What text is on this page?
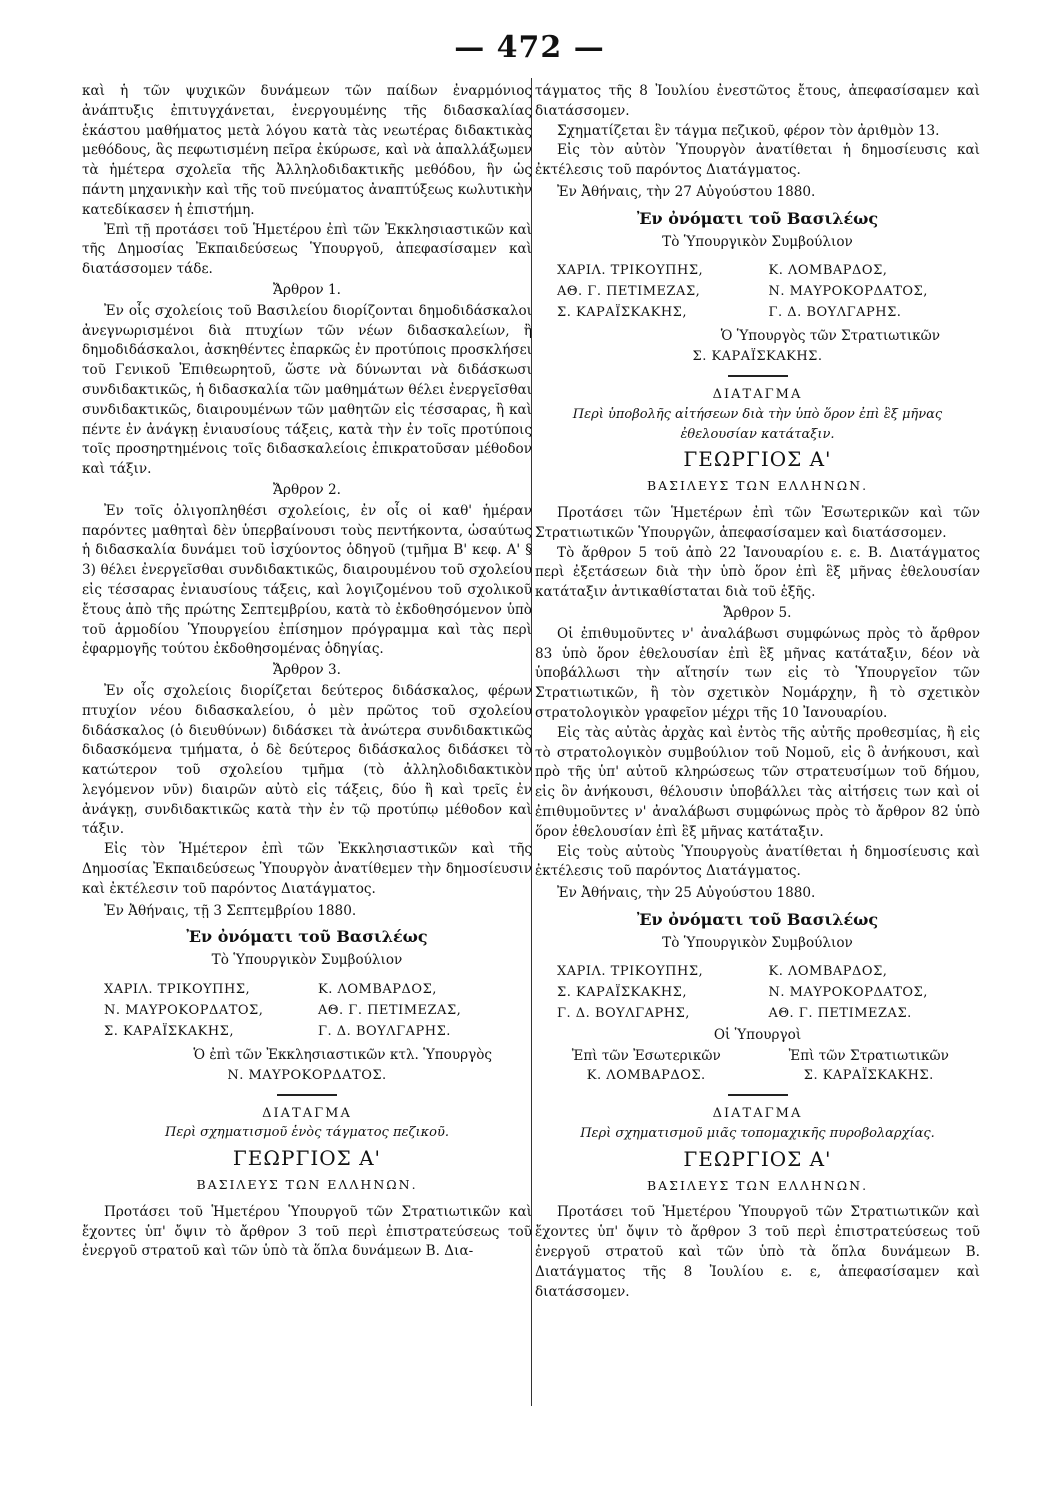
— 472 —

καὶ ἡ τῶν ψυχικῶν δυνάμεων τῶν παίδων ἐναρμόνιος ἀνάπτυξις ἐπιτυγχάνεται, ἐνεργουμένης τῆς διδασκαλίας ἑκάστου μαθήματος μετὰ λόγου κατὰ τὰς νεωτέρας διδακτικὰς μεθόδους, ἃς πεφωτισμένη πεῖρα ἐκύρωσε, καὶ νὰ ἀπαλλάξωμεν τὰ ἡμέτερα σχολεῖα τῆς Ἀλληλοδιδακτικῆς μεθόδου, ἣν ὡς πάντη μηχανικὴν καὶ τῆς τοῦ πνεύματος ἀναπτύξεως κωλυτικὴν κατεδίκασεν ἡ ἐπιστήμη.

Ἐπὶ τῇ προτάσει τοῦ Ἡμετέρου ἐπὶ τῶν Ἐκκλησιαστικῶν καὶ τῆς Δημοσίας Ἐκπαιδεύσεως Ὑπουργοῦ, ἀπεφασίσαμεν καὶ διατάσσομεν τάδε.

Ἄρθρον 1.

Ἐν οἷς σχολείοις τοῦ Βασιλείου διορίζονται δημοδιδάσκαλοι ἀνεγνωρισμένοι διὰ πτυχίων τῶν νέων διδασκαλείων, ἢ δημοδιδάσκαλοι, ἀσκηθέντες ἐπαρκῶς ἐν προτύποις προσκλήσει τοῦ Γενικοῦ Ἐπιθεωρητοῦ, ὥστε νὰ δύνωνται νὰ διδάσκωσι συνδιδακτικῶς, ἡ διδασκαλία τῶν μαθημάτων θέλει ἐνεργεῖσθαι συνδιδακτικῶς, διαιρουμένων τῶν μαθητῶν εἰς τέσσαρας, ἢ καὶ πέντε ἐν ἀνάγκῃ ἐνιαυσίους τάξεις, κατὰ τὴν ἐν τοῖς προτύποις τοῖς προσηρτημένοις τοῖς διδασκαλείοις ἐπικρατοῦσαν μέθοδον καὶ τάξιν.

Ἄρθρον 2.

Ἐν τοῖς ὀλιγοπληθέσι σχολείοις, ἐν οἷς οἱ καθ' ἡμέραν παρόντες μαθηταὶ δὲν ὑπερβαίνουσι τοὺς πεντήκοντα, ὡσαύτως ἡ διδασκαλία δυνάμει τοῦ ἰσχύοντος ὁδηγοῦ (τμῆμα Β' κεφ. Α' § 3) θέλει ἐνεργεῖσθαι συνδιδακτικῶς, διαιρουμένου τοῦ σχολείου εἰς τέσσαρας ἐνιαυσίους τάξεις, καὶ λογιζομένου τοῦ σχολικοῦ ἔτους ἀπὸ τῆς πρώτης Σεπτεμβρίου, κατὰ τὸ ἐκδοθησόμενον ὑπὸ τοῦ ἁρμοδίου Ὑπουργείου ἐπίσημον πρόγραμμα καὶ τὰς περὶ ἐφαρμογῆς τούτου ἐκδοθησομένας ὁδηγίας.

Ἄρθρον 3.

Ἐν οἷς σχολείοις διορίζεται δεύτερος διδάσκαλος, φέρων πτυχίον νέου διδασκαλείου, ὁ μὲν πρῶτος τοῦ σχολείου διδάσκαλος (ὁ διευθύνων) διδάσκει τὰ ἀνώτερα συνδιδακτικῶς διδασκόμενα τμήματα, ὁ δὲ δεύτερος διδάσκαλος διδάσκει τὸ κατώτερον τοῦ σχολείου τμῆμα (τὸ ἀλληλοδιδακτικὸν λεγόμενον νῦν) διαιρῶν αὐτὸ εἰς τάξεις, δύο ἢ καὶ τρεῖς ἐν ἀνάγκῃ, συνδιδακτικῶς κατὰ τὴν ἐν τῷ προτύπῳ μέθοδον καὶ τάξιν.

Εἰς τὸν Ἡμέτερον ἐπὶ τῶν Ἐκκλησιαστικῶν καὶ τῆς Δημοσίας Ἐκπαιδεύσεως Ὑπουργὸν ἀνατίθεμεν τὴν δημοσίευσιν καὶ ἐκτέλεσιν τοῦ παρόντος Διατάγματος.

Ἐν Ἀθήναις, τῇ 3 Σεπτεμβρίου 1880.
Ἐν ὀνόματι τοῦ Βασιλέως
Τὸ Ὑπουργικὸν Συμβούλιον
ΧΑΡΙΛ. ΤΡΙΚΟΥΠΗΣ,	Κ. ΛΟΜΒΑΡΔΟΣ,
Ν. ΜΑΥΡΟΚΟΡΔΑΤΟΣ,	ΑΘ. Γ. ΠΕΤΙΜΕΖΑΣ,
Σ. ΚΑΡΑΪΣΚΑΚΗΣ,	Γ. Δ. ΒΟΥΛΓΑΡΗΣ.
Ὁ ἐπὶ τῶν Ἐκκλησιαστικῶν κτλ. Ὑπουργὸς
Ν. ΜΑΥΡΟΚΟΡΔΑΤΟΣ.
ΔΙΑΤΑΓΜΑ
Περὶ σχηματισμοῦ ἑνὸς τάγματος πεζικοῦ.
ΓΕΩΡΓΙΟΣ Α'
ΒΑΣΙΛΕΥΣ ΤΩΝ ΕΛΛΗΝΩΝ.

Προτάσει τοῦ Ἡμετέρου Ὑπουργοῦ τῶν Στρατιωτικῶν καὶ ἔχοντες ὑπ' ὄψιν τὸ ἄρθρον 3 τοῦ περὶ ἐπιστρατεύσεως τοῦ ἐνεργοῦ στρατοῦ καὶ τῶν ὑπὸ τὰ ὅπλα δυνάμεων Β. Δια-

τάγματος τῆς 8 Ἰουλίου ἐνεστῶτος ἔτους, ἀπεφασίσαμεν καὶ διατάσσομεν.

Σχηματίζεται ἓν τάγμα πεζικοῦ, φέρον τὸν ἀριθμὸν 13.

Εἰς τὸν αὐτὸν Ὑπουργὸν ἀνατίθεται ἡ δημοσίευσις καὶ ἐκτέλεσις τοῦ παρόντος Διατάγματος.

Ἐν Ἀθήναις, τὴν 27 Αὐγούστου 1880.
Ἐν ὀνόματι τοῦ Βασιλέως
Τὸ Ὑπουργικὸν Συμβούλιον
ΧΑΡΙΛ. ΤΡΙΚΟΥΠΗΣ,	Κ. ΛΟΜΒΑΡΔΟΣ,
ΑΘ. Γ. ΠΕΤΙΜΕΖΑΣ,	Ν. ΜΑΥΡΟΚΟΡΔΑΤΟΣ,
Σ. ΚΑΡΑΪΣΚΑΚΗΣ,	Γ. Δ. ΒΟΥΛΓΑΡΗΣ.
Ὁ Ὑπουργὸς τῶν Στρατιωτικῶν
Σ. ΚΑΡΑΪΣΚΑΚΗΣ.
ΔΙΑΤΑΓΜΑ
Περὶ ὑποβολῆς αἰτήσεων διὰ τὴν ὑπὸ ὅρον ἐπὶ ἓξ μῆνας ἐθελουσίαν κατάταξιν.
ΓΕΩΡΓΙΟΣ Α'
ΒΑΣΙΛΕΥΣ ΤΩΝ ΕΛΛΗΝΩΝ.

Προτάσει τῶν Ἡμετέρων ἐπὶ τῶν Ἐσωτερικῶν καὶ τῶν Στρατιωτικῶν Ὑπουργῶν, ἀπεφασίσαμεν καὶ διατάσσομεν.

Τὸ ἄρθρον 5 τοῦ ἀπὸ 22 Ἰανουαρίου ε. ε. Β. Διατάγματος περὶ ἐξετάσεων διὰ τὴν ὑπὸ ὅρον ἐπὶ ἓξ μῆνας ἐθελουσίαν κατάταξιν ἀντικαθίσταται διὰ τοῦ ἑξῆς.

Ἄρθρον 5.

Οἱ ἐπιθυμοῦντες ν' ἀναλάβωσι συμφώνως πρὸς τὸ ἄρθρον 83 ὑπὸ ὅρον ἐθελουσίαν ἐπὶ ἓξ μῆνας κατάταξιν, δέον νὰ ὑποβάλλωσι τὴν αἴτησίν των εἰς τὸ Ὑπουργεῖον τῶν Στρατιωτικῶν, ἢ τὸν σχετικὸν Νομάρχην, ἢ τὸ σχετικὸν στρατολογικὸν γραφεῖον μέχρι τῆς 10 Ἰανουαρίου.

Εἰς τὰς αὐτὰς ἀρχὰς καὶ ἐντὸς τῆς αὐτῆς προθεσμίας, ἢ εἰς τὸ στρατολογικὸν συμβούλιον τοῦ Νομοῦ, εἰς ὃ ἀνήκουσι, καὶ πρὸ τῆς ὑπ' αὐτοῦ κληρώσεως τῶν στρατευσίμων τοῦ δήμου, εἰς ὃν ἀνήκουσι, θέλουσιν ὑποβάλλει τὰς αἰτήσεις των καὶ οἱ ἐπιθυμοῦντες ν' ἀναλάβωσι συμφώνως πρὸς τὸ ἄρθρον 82 ὑπὸ ὅρον ἐθελουσίαν ἐπὶ ἓξ μῆνας κατάταξιν.

Εἰς τοὺς αὐτοὺς Ὑπουργοὺς ἀνατίθεται ἡ δημοσίευσις καὶ ἐκτέλεσις τοῦ παρόντος Διατάγματος.

Ἐν Ἀθήναις, τὴν 25 Αὐγούστου 1880.
Ἐν ὀνόματι τοῦ Βασιλέως
Τὸ Ὑπουργικὸν Συμβούλιον
ΧΑΡΙΛ. ΤΡΙΚΟΥΠΗΣ,	Κ. ΛΟΜΒΑΡΔΟΣ,
Σ. ΚΑΡΑΪΣΚΑΚΗΣ,	Ν. ΜΑΥΡΟΚΟΡΔΑΤΟΣ,
Γ. Δ. ΒΟΥΛΓΑΡΗΣ,	ΑΘ. Γ. ΠΕΤΙΜΕΖΑΣ.
Οἱ Ὑπουργοὶ
Ἐπὶ τῶν Ἐσωτερικῶν	Ἐπὶ τῶν Στρατιωτικῶν
Κ. ΛΟΜΒΑΡΔΟΣ.	Σ. ΚΑΡΑΪΣΚΑΚΗΣ.
ΔΙΑΤΑΓΜΑ
Περὶ σχηματισμοῦ μιᾶς τοπομαχικῆς πυροβολαρχίας.
ΓΕΩΡΓΙΟΣ Α'
ΒΑΣΙΛΕΥΣ ΤΩΝ ΕΛΛΗΝΩΝ.

Προτάσει τοῦ Ἡμετέρου Ὑπουργοῦ τῶν Στρατιωτικῶν καὶ ἔχοντες ὑπ' ὄψιν τὸ ἄρθρον 3 τοῦ περὶ ἐπιστρατεύσεως τοῦ ἐνεργοῦ στρατοῦ καὶ τῶν ὑπὸ τὰ ὅπλα δυνάμεων Β. Διατάγματος τῆς 8 Ἰουλίου ε. ε, ἀπεφασίσαμεν καὶ διατάσσομεν.
